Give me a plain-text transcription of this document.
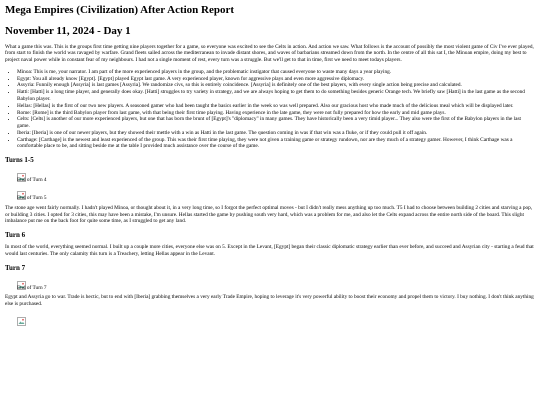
Mega Empires (Civilization) After Action Report
November 11, 2024 - Day 1

What a game this was. This is the groups first time getting nine players together for a game, so everyone was excited to see the Celts in action. And action we saw. What follows is the account of possibly the most violent game of Civ I've ever played, from start to finish the world was ravaged by warfare. Grand fleets sailed across the mediterranean to invade distant shores, and waves of barbarians streamed down from the north. In the centre of all this sat I, the Minoan empire, doing my best to project naval power while in constant fear of my neighbours. I had not a single moment of rest, every turn was a struggle. But we'll get to that in time, first we need to meet todays players.

• Minoa: This is me, your narrator. I am part of the more experienced players in the group, and the problematic instigator that caused everyone to waste many days a year playing.
• Egypt: You all already know [Egypt]. [Egypt] played Egypt last game. A very experienced player, known for aggressive plays and even more aggressive diplomacy.
• Assyria: Funnily enough [Assyria] is last games [Assyria]. We randomize civs, so this is entirely coincidence. [Assyria] is definitely one of the best players, with every single action being precise and calculated.
• Hatti: [Hatti] is a long time player, and generally does okay. [Hatti] struggles to try variety in strategy, and we are always hoping to get them to do something besides generic Orange tech. We briefly saw [Hatti] in the last game as the second Babylon player.
• Hellas: [Hellas] is the first of our two new players. A seasoned gamer who had been taught the basics earlier in the week so was well prepared. Also our gracious host who made much of the delicious meal which will be displayed later.
• Rome: [Rome] is the third Babylon player from last game, with that being their first time playing. Having experience in the late game, they were not fully prepared for how the early and mid game plays.
• Celts: [Celts] is another of our more experienced players, but one that has born the brunt of [Egypt]'s "diplomacy" in many games. They have historically been a very timid player... They also were the first of the Babylon players in the last game.
• Iberia: [Iberia] is one of our newer players, but they showed their mettle with a win as Hatti in the last game. The question coming in was if that win was a fluke, or if they could pull it off again.
• Carthage: [Carthage] is the newest and least experienced of the group. This was their first time playing, they were not given a training game or strategy rundown, nor are they much of a strategy gamer. However, I think Carthage was a comfortable place to be, and sitting beside me at the table I provided much assistance over the course of the game.
Turns 1-5
End of Turn 4
End of Turn 5

The stone age went fairly normally. I hadn't played Minoa, or thought about it, in a very long time, so I forgot the perfect optimal moves - but I didn't really mess anything up too much. T5 I had to choose between building 2 cities and starving a pop, or building 3 cities. I opted for 3 cities, this may have been a mistake, I'm unsure. Hellas started the game by pushing south very hard, which was a problem for me, and also let the Celts expand across the entire north side of the board. This slight imbalance put me on the back foot for quite some time, as I struggled to get any land.

Turn 6

In most of the world, everything seemed normal. I built up a couple more cities, everyone else was on 5. Except in the Levant, [Egypt] began their classic diplomatic strategy earlier than ever before, and succeed and Assyrian city - starting a feud that would last centuries. The only calamity this turn is a Treachery, letting Hellas appear in the Levant.

Turn 7
End of Turn 7

Egypt and Assyria go to war. Trade is hectic, but to end with [Iberia] grabbing themselves a very early Trade Empire, hoping to leverage it's very powerful ability to boost their economy and propel them to victory. I buy nothing. I don't think anything else is purchased.
